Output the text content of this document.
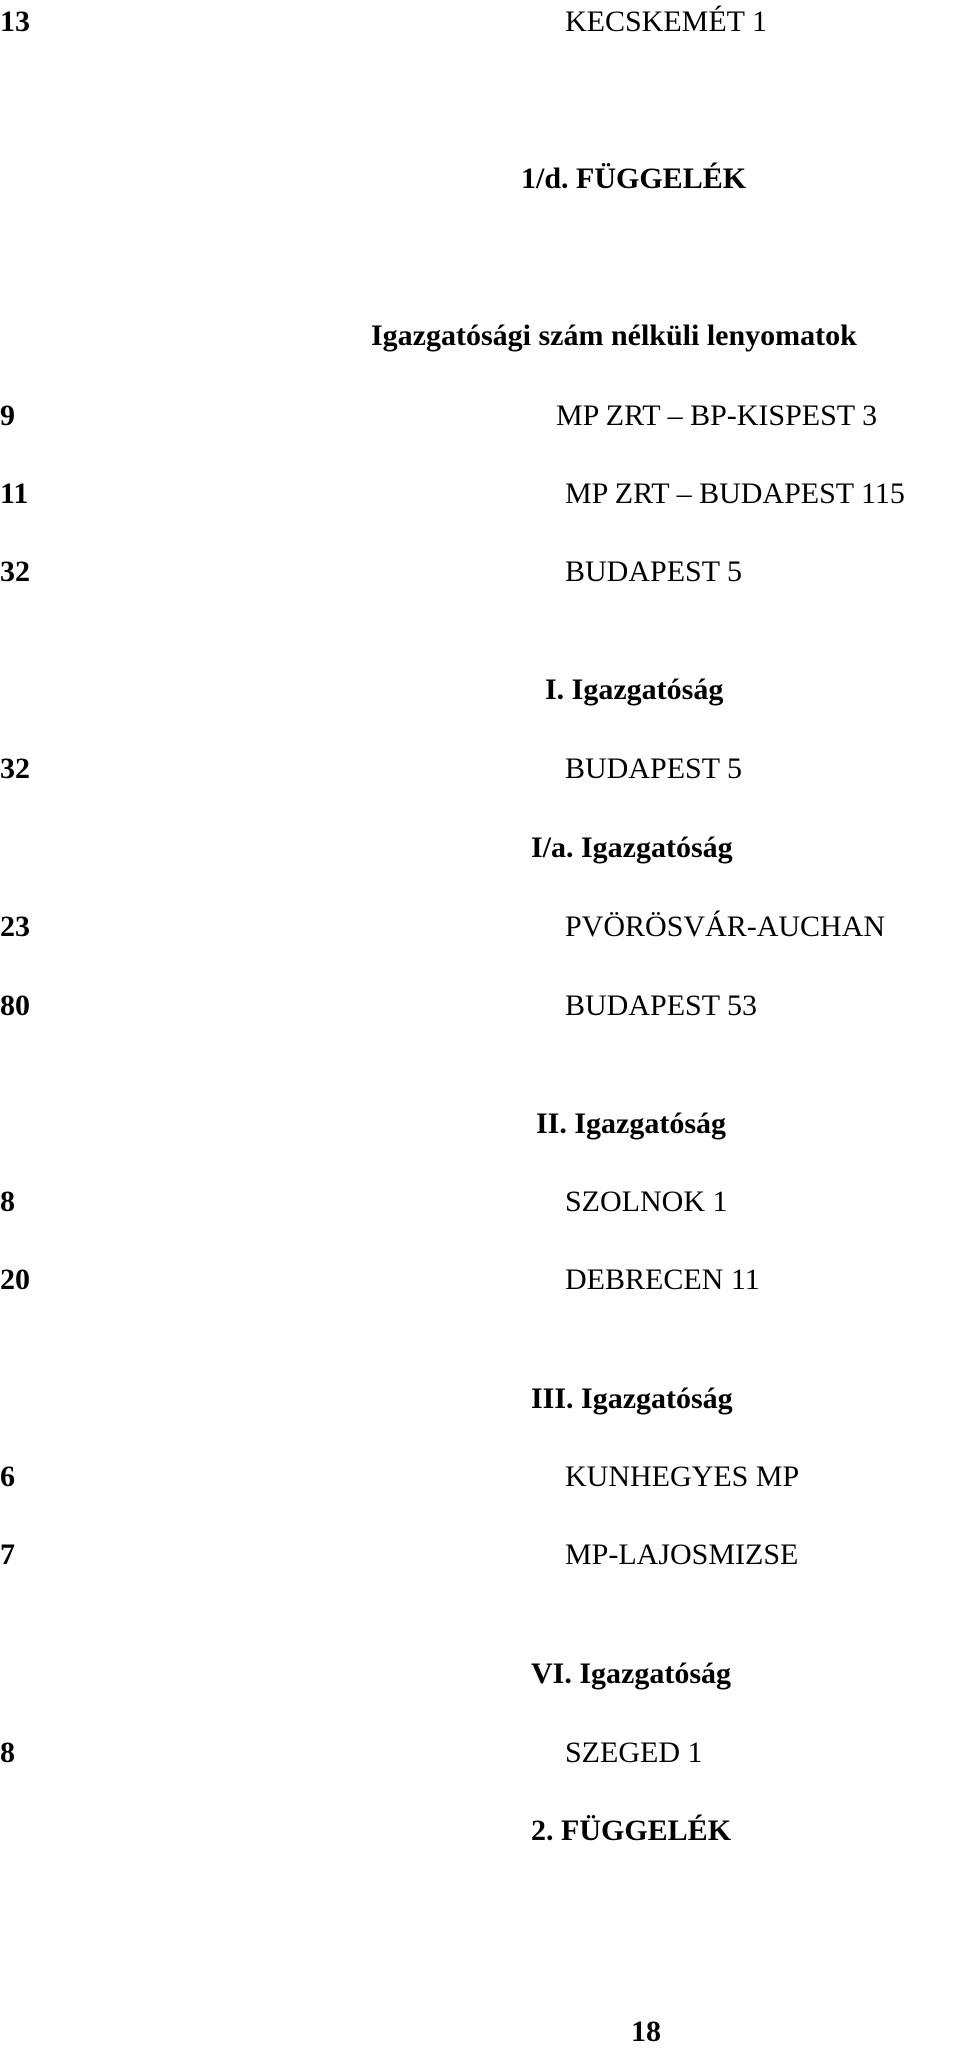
13	KECSKEMÉT 1
1/d. FÜGGELÉK
Igazgatósági szám nélküli lenyomatok
9	MP ZRT – BP-KISPEST 3
11	MP ZRT – BUDAPEST 115
32	BUDAPEST 5
I. Igazgatóság
32	BUDAPEST 5
I/a. Igazgatóság
23	PVÖRÖSVÁR-AUCHAN
80	BUDAPEST 53
II. Igazgatóság
8	SZOLNOK 1
20	DEBRECEN 11
III. Igazgatóság
6	KUNHEGYES MP
7	MP-LAJOSMIZSE
VI. Igazgatóság
8	SZEGED 1
2. FÜGGELÉK
18
